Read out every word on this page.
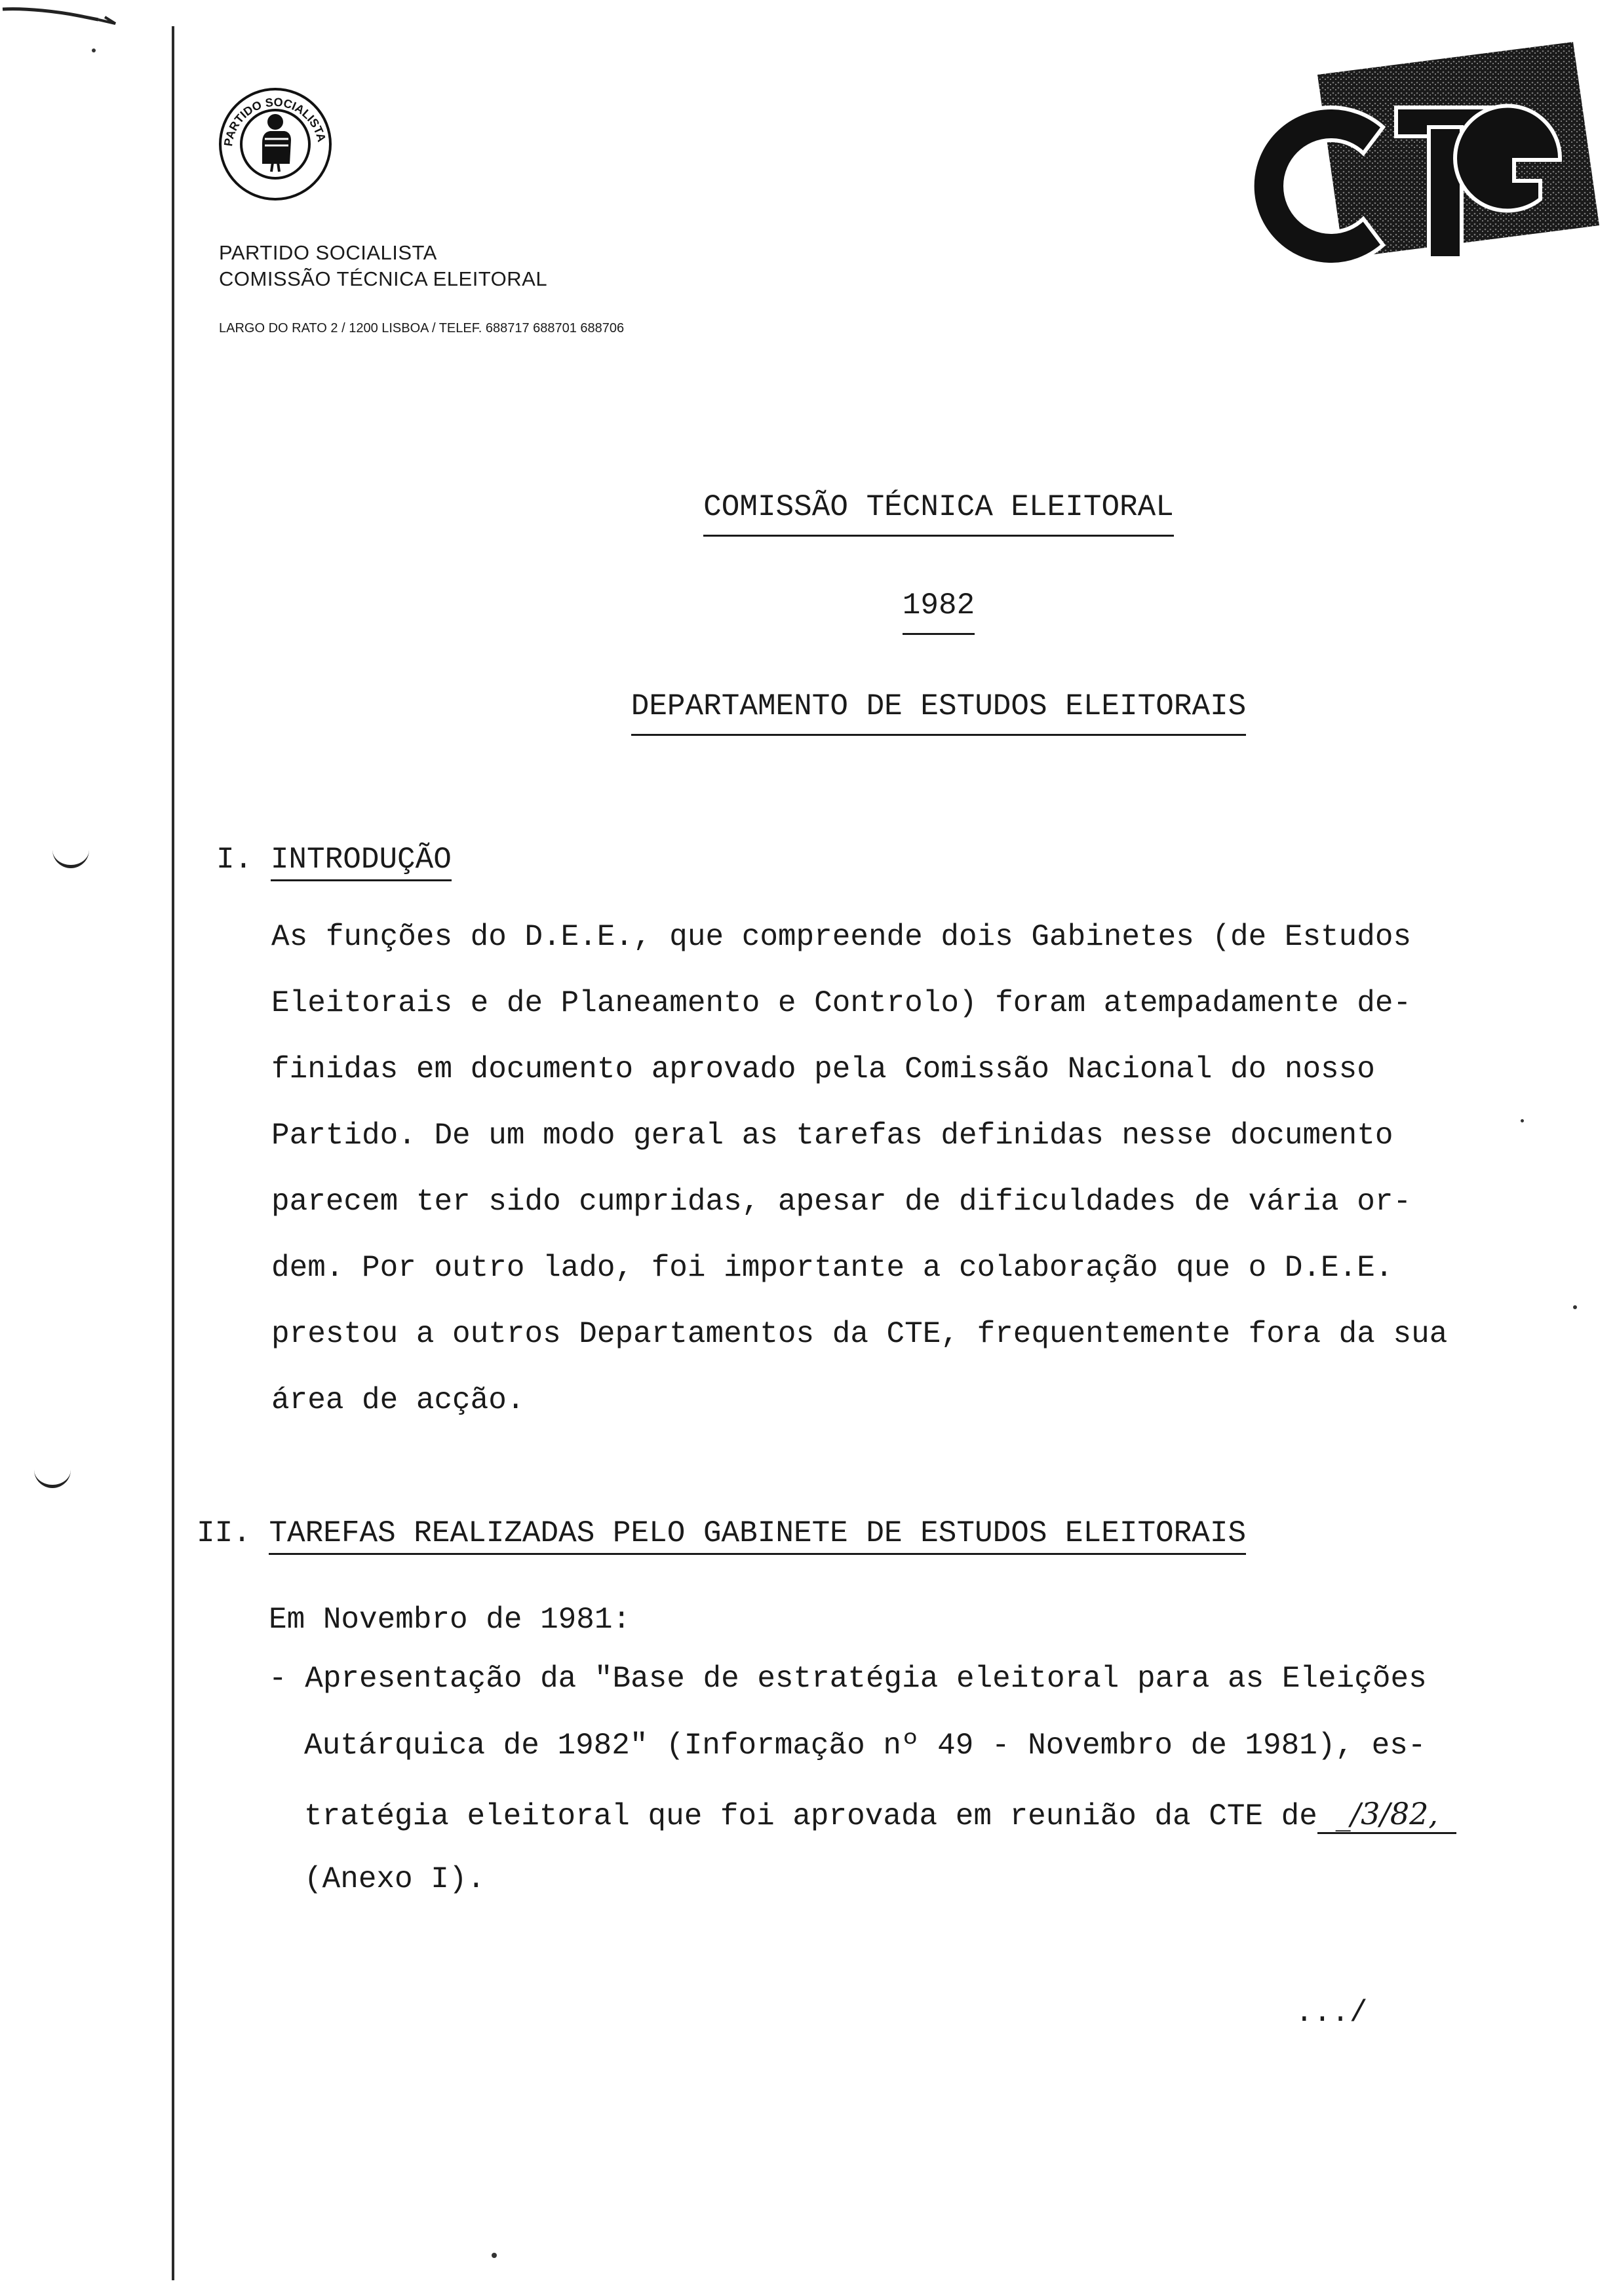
PARTIDO SOCIALISTA
PARTIDO SOCIALISTA
COMISSÃO TÉCNICA ELEITORAL
LARGO DO RATO 2 / 1200 LISBOA / TELEF. 688717 688701 688706
CTE
COMISSÃO TÉCNICA ELEITORAL
1982
DEPARTAMENTO DE ESTUDOS ELEITORAIS
I. INTRODUÇÃO
As funções do D.E.E., que compreende dois Gabinetes (de Estudos
Eleitorais e de Planeamento e Controlo) foram atempadamente de-
finidas em documento aprovado pela Comissão Nacional do nosso
Partido. De um modo geral as tarefas definidas nesse documento
parecem ter sido cumpridas, apesar de dificuldades de vária or-
dem. Por outro lado, foi importante a colaboração que o D.E.E.
prestou a outros Departamentos da CTE, frequentemente fora da sua
área de acção.
II. TAREFAS REALIZADAS PELO GABINETE DE ESTUDOS ELEITORAIS
Em Novembro de 1981:
- Apresentação da "Base de estratégia eleitoral para as Eleições
Autárquica de 1982" (Informação nº 49 - Novembro de 1981), es-
tratégia eleitoral que foi aprovada em reunião da CTE de _/3/82,
(Anexo I).
.../
